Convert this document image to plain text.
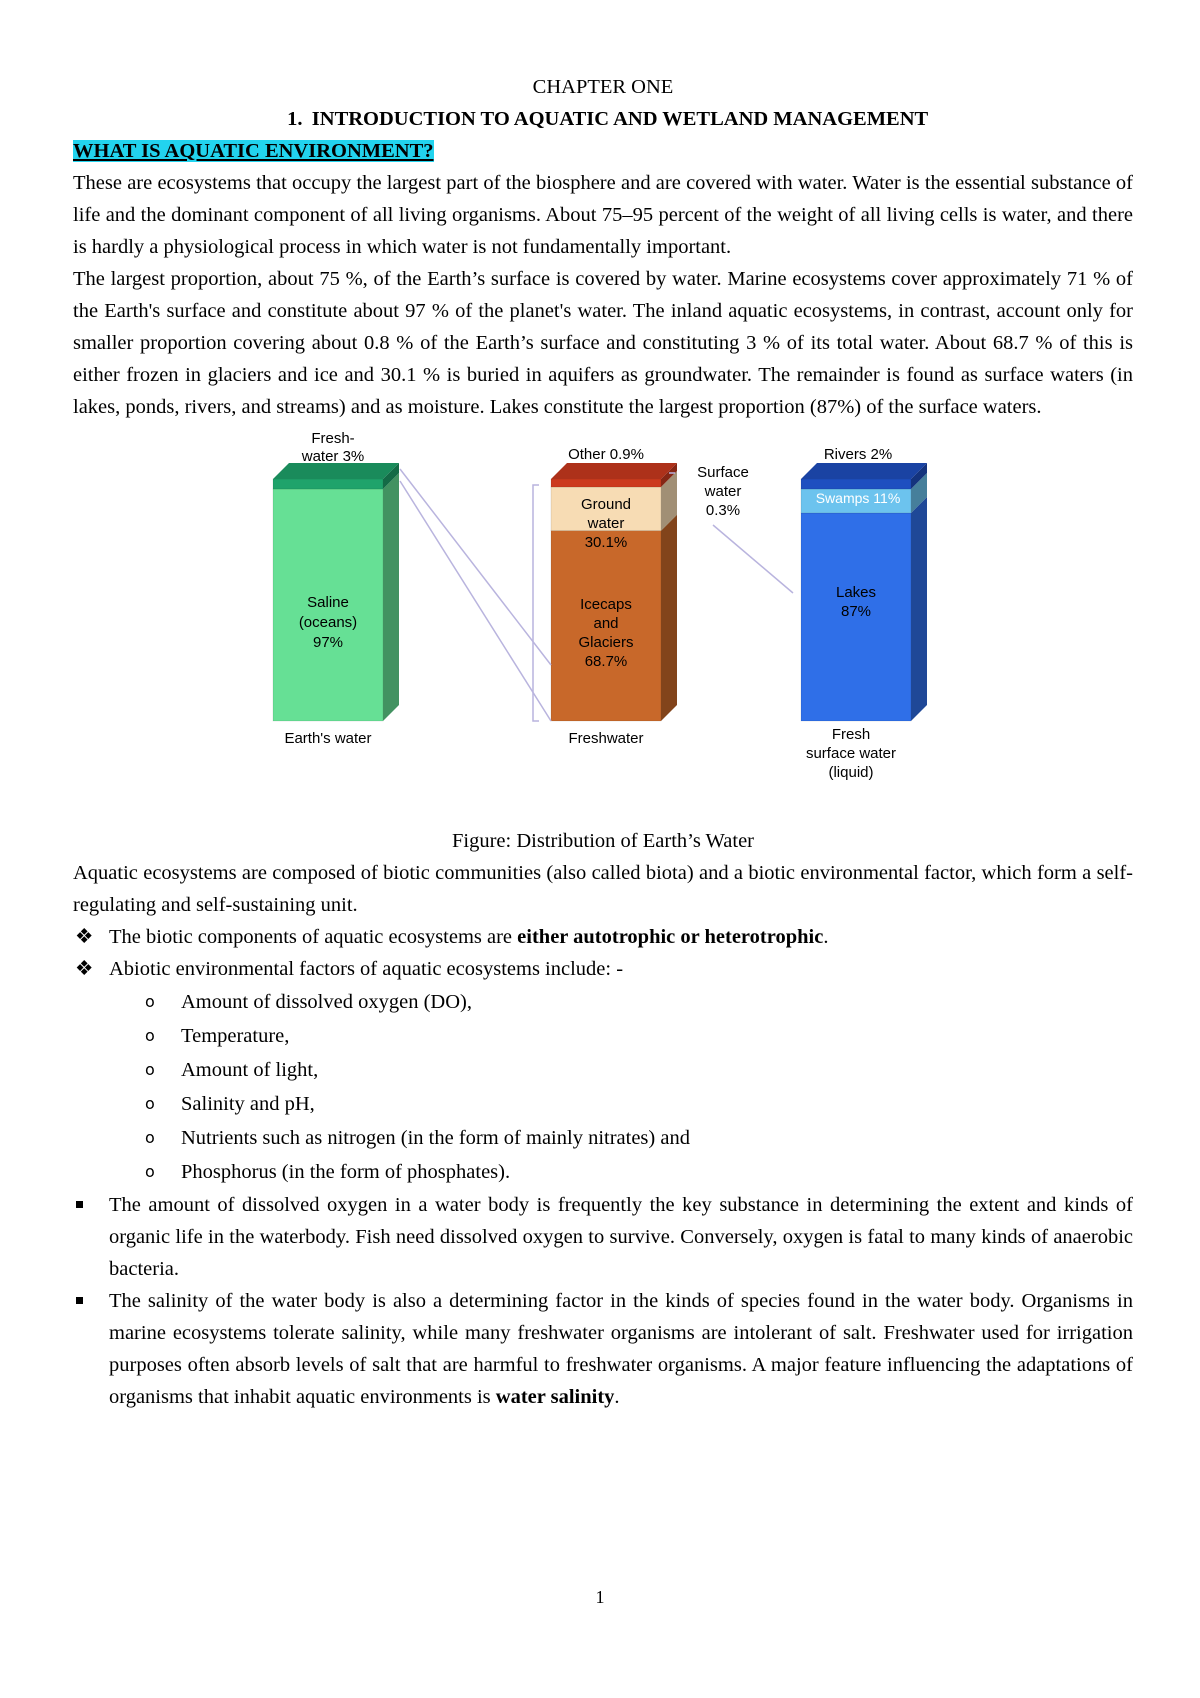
CHAPTER ONE

1. INTRODUCTION TO AQUATIC AND WETLAND MANAGEMENT
WHAT IS AQUATIC ENVIRONMENT?

These are ecosystems that occupy the largest part of the biosphere and are covered with water. Water is the essential substance of life and the dominant component of all living organisms. About 75–95 percent of the weight of all living cells is water, and there is hardly a physiological process in which water is not fundamentally important.

The largest proportion, about 75 %, of the Earth’s surface is covered by water. Marine ecosystems cover approximately 71 % of the Earth's surface and constitute about 97 % of the planet's water. The inland aquatic ecosystems, in contrast, account only for smaller proportion covering about 0.8 % of the Earth’s surface and constituting 3 % of its total water. About 68.7 % of this is either frozen in glaciers and ice and 30.1 % is buried in aquifers as groundwater. The remainder is found as surface waters (in lakes, ponds, rivers, and streams) and as moisture. Lakes constitute the largest proportion (87%) of the surface waters.

Saline (oceans) 97%
Fresh-water 3%
Earth's water
Icecaps and Glaciers 68.7%
Ground water 30.1%
Other 0.9%
Surface water 0.3%
Freshwater
Lakes 87%
Swamps 11%
Rivers 2%
Fresh surface water (liquid)

Figure: Distribution of Earth’s Water

Aquatic ecosystems are composed of biotic communities (also called biota) and a biotic environmental factor, which form a self-regulating and self-sustaining unit.

❖ The biotic components of aquatic ecosystems are either autotrophic or heterotrophic.
❖ Abiotic environmental factors of aquatic ecosystems include: -
o Amount of dissolved oxygen (DO),
o Temperature,
o Amount of light,
o Salinity and pH,
o Nutrients such as nitrogen (in the form of mainly nitrates) and
o Phosphorus (in the form of phosphates).
The amount of dissolved oxygen in a water body is frequently the key substance in determining the extent and kinds of organic life in the waterbody. Fish need dissolved oxygen to survive. Conversely, oxygen is fatal to many kinds of anaerobic bacteria.
The salinity of the water body is also a determining factor in the kinds of species found in the water body. Organisms in marine ecosystems tolerate salinity, while many freshwater organisms are intolerant of salt. Freshwater used for irrigation purposes often absorb levels of salt that are harmful to freshwater organisms. A major feature influencing the adaptations of organisms that inhabit aquatic environments is water salinity.
1
